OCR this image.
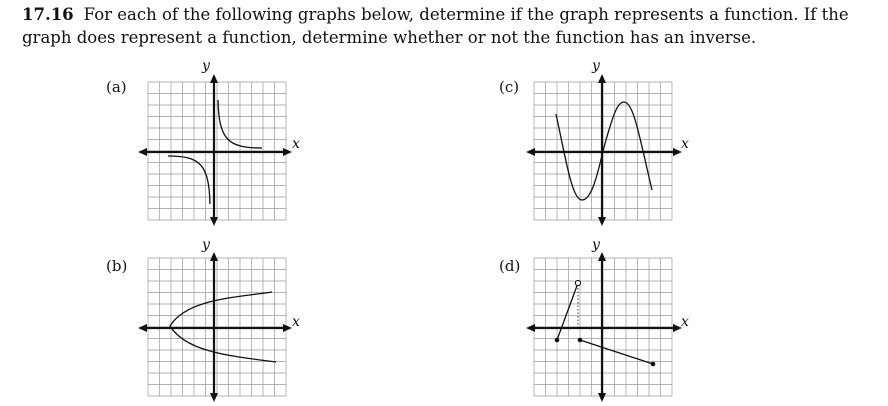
17.16 For each of the following graphs below, determine if the graph represents a function. If the graph does represent a function, determine whether or not the function has an inverse.
(a)
y
x
(b)
y
x
(c)
y
x
(d)
y
x
